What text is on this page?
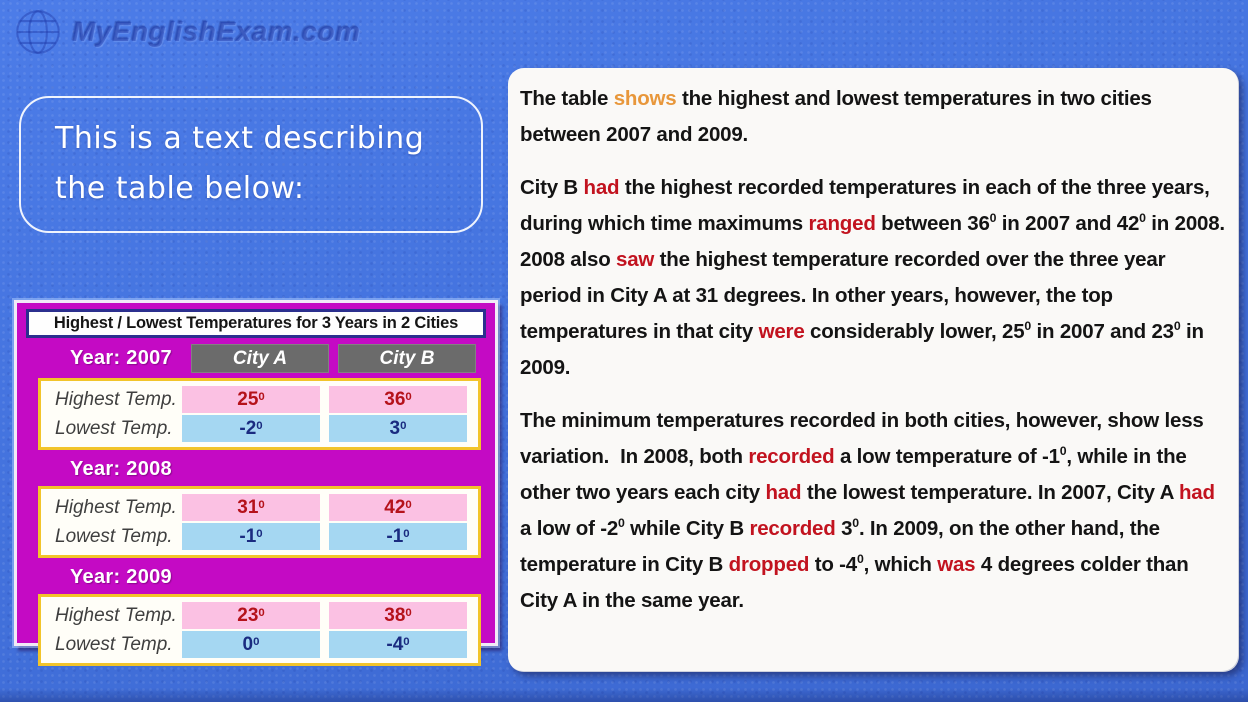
MyEnglishExam.com
This is a text describing the table below:
Highest / Lowest Temperatures for 3 Years in 2 Cities
Year: 2007	City A	City B
Highest Temp.	25 0	36 0
Lowest Temp.	-2 0	3 0
Year: 2008
Highest Temp.	31 0	42 0
Lowest Temp.	-1 0	-1 0
Year: 2009
Highest Temp.	23 0	38 0
Lowest Temp.	0 0	-4 0

The table shows the highest and lowest temperatures in two cities between 2007 and 2009.

City B had the highest recorded temperatures in each of the three years, during which time maximums ranged between $36^0$ in 2007 and $42^0$ in 2008. 2008 also saw the highest temperature recorded over the three year period in City A at 31 degrees. In other years, however, the top temperatures in that city were considerably lower, $25^0$ in 2007 and $23^0$ in 2009.

The minimum temperatures recorded in both cities, however, show less variation.  In 2008, both recorded a low temperature of $-1^0$, while in the other two years each city had the lowest temperature. In 2007, City A had a low of $-2^0$ while City B recorded $3^0$. In 2009, on the other hand, the temperature in City B dropped to $-4^0$, which was 4 degrees colder than City A in the same year.
